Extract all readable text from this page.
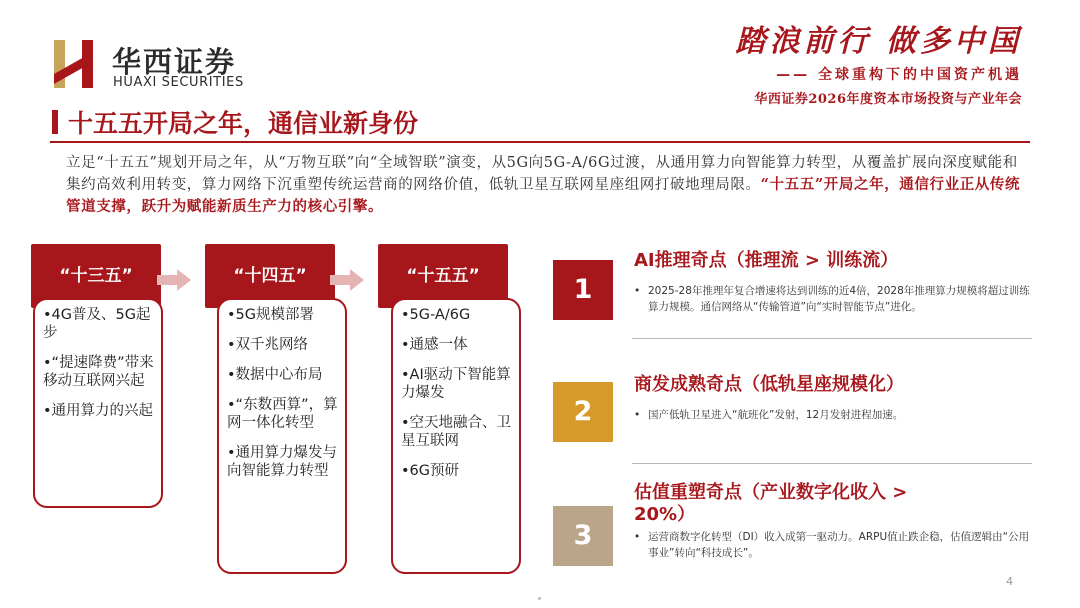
华西证券
HUAXI SECURITIES
踏浪前行 做多中国
—— 全球重构下的中国资产机遇
华西证券2026年度资本市场投资与产业年会
十五五开局之年，通信业新身份
立足“十五五”规划开局之年，从“万物互联”向“全域智联”演变，从5G向5G-A/6G过渡，从通用算力向智能算力转型，从覆盖扩展向深度赋能和集约高效利用转变，算力网络下沉重塑传统运营商的网络价值，低轨卫星互联网星座组网打破地理局限。“十五五”开局之年，通信行业正从传统管道支撑，跃升为赋能新质生产力的核心引擎。
“十三五”
•4G普及、5G起步
•“提速降费”带来移动互联网兴起
•通用算力的兴起
“十四五”
•5G规模部署
•双千兆网络
•数据中心布局
•“东数西算”，算网一体化转型
•通用算力爆发与向智能算力转型
“十五五”
•5G-A/6G
•通感一体
•AI驱动下智能算力爆发
•空天地融合、卫星互联网
•6G预研
1
AI推理奇点（推理流 > 训练流）
• 2025-28年推理年复合增速将达到训练的近4倍，2028年推理算力规模将超过训练算力规模。通信网络从“传输管道”向“实时智能节点”进化。
2
商发成熟奇点（低轨星座规模化）
• 国产低轨卫星进入“航班化”发射，12月发射进程加速。
3
估值重塑奇点（产业数字化收入 > 20%）
• 运营商数字化转型（DI）收入成第一驱动力。ARPU值止跌企稳，估值逻辑由“公用事业”转向“科技成长”。
4
